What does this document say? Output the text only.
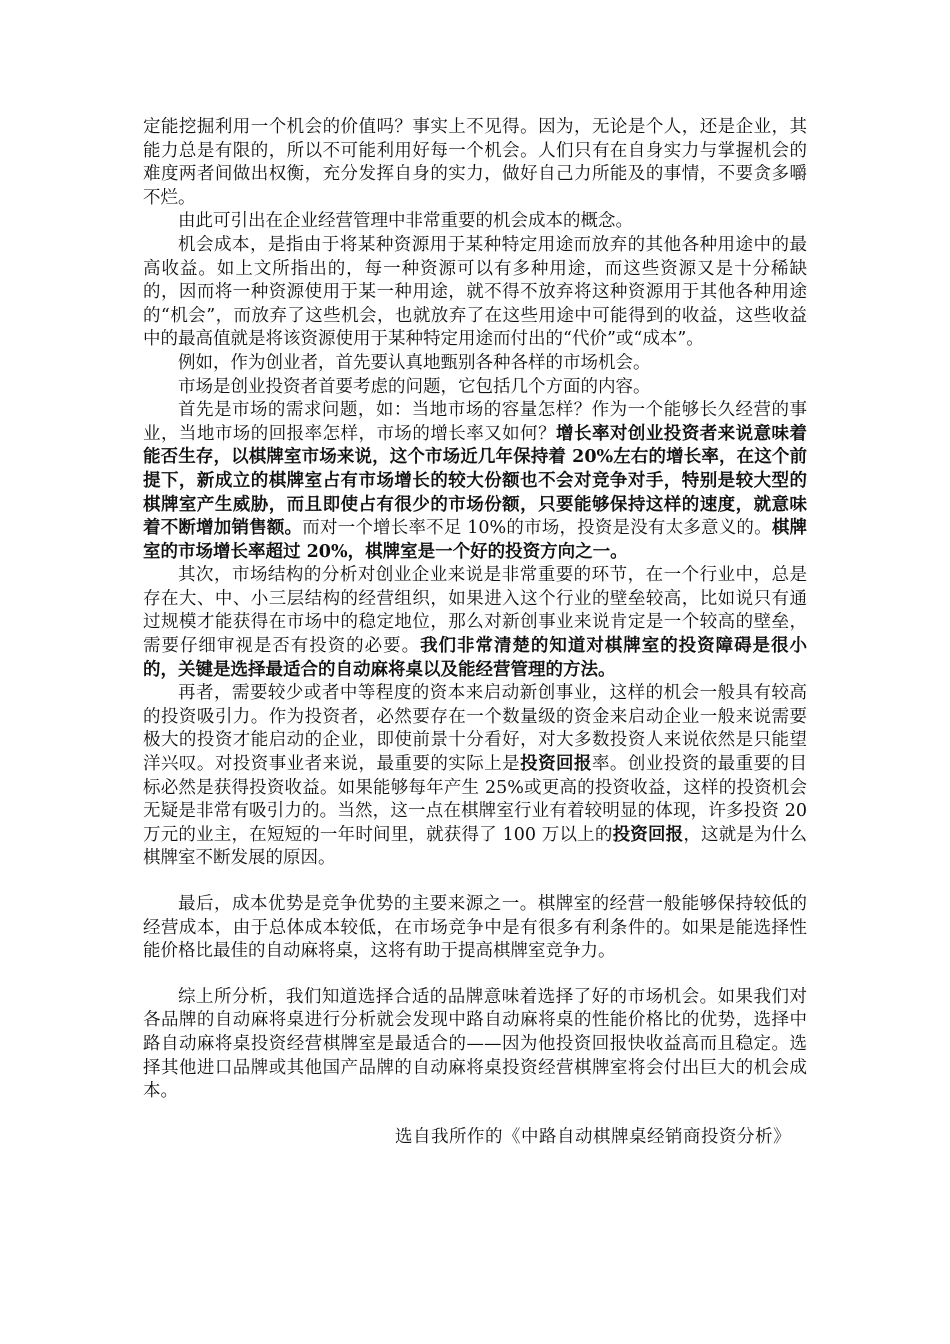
定能挖掘利用一个机会的价值吗？事实上不见得。因为，无论是个人，还是企业，其能力总是有限的，所以不可能利用好每一个机会。人们只有在自身实力与掌握机会的难度两者间做出权衡，充分发挥自身的实力，做好自己力所能及的事情，不要贪多嚼不烂。

由此可引出在企业经营管理中非常重要的机会成本的概念。

机会成本，是指由于将某种资源用于某种特定用途而放弃的其他各种用途中的最高收益。如上文所指出的，每一种资源可以有多种用途，而这些资源又是十分稀缺的，因而将一种资源使用于某一种用途，就不得不放弃将这种资源用于其他各种用途的“机会”，而放弃了这些机会，也就放弃了在这些用途中可能得到的收益，这些收益中的最高值就是将该资源使用于某种特定用途而付出的“代价”或“成本”。

例如，作为创业者，首先要认真地甄别各种各样的市场机会。

市场是创业投资者首要考虑的问题，它包括几个方面的内容。

首先是市场的需求问题，如：当地市场的容量怎样？作为一个能够长久经营的事业，当地市场的回报率怎样，市场的增长率又如何？增长率对创业投资者来说意味着能否生存，以棋牌室市场来说，这个市场近几年保持着 20%左右的增长率，在这个前提下，新成立的棋牌室占有市场增长的较大份额也不会对竞争对手，特别是较大型的棋牌室产生威胁，而且即使占有很少的市场份额，只要能够保持这样的速度，就意味着不断增加销售额。而对一个增长率不足 10%的市场，投资是没有太多意义的。棋牌室的市场增长率超过 20%，棋牌室是一个好的投资方向之一。

其次，市场结构的分析对创业企业来说是非常重要的环节，在一个行业中，总是存在大、中、小三层结构的经营组织，如果进入这个行业的壁垒较高，比如说只有通过规模才能获得在市场中的稳定地位，那么对新创事业来说肯定是一个较高的壁垒，需要仔细审视是否有投资的必要。我们非常清楚的知道对棋牌室的投资障碍是很小的，关键是选择最适合的自动麻将桌以及能经营管理的方法。

再者，需要较少或者中等程度的资本来启动新创事业，这样的机会一般具有较高的投资吸引力。作为投资者，必然要存在一个数量级的资金来启动企业一般来说需要极大的投资才能启动的企业，即使前景十分看好，对大多数投资人来说依然是只能望洋兴叹。对投资事业者来说，最重要的实际上是投资回报率。创业投资的最重要的目标必然是获得投资收益。如果能够每年产生 25%或更高的投资收益，这样的投资机会无疑是非常有吸引力的。当然，这一点在棋牌室行业有着较明显的体现，许多投资 20 万元的业主，在短短的一年时间里，就获得了 100 万以上的投资回报，这就是为什么棋牌室不断发展的原因。

最后，成本优势是竞争优势的主要来源之一。棋牌室的经营一般能够保持较低的经营成本，由于总体成本较低，在市场竞争中是有很多有利条件的。如果是能选择性能价格比最佳的自动麻将桌，这将有助于提高棋牌室竞争力。

综上所分析，我们知道选择合适的品牌意味着选择了好的市场机会。如果我们对各品牌的自动麻将桌进行分析就会发现中路自动麻将桌的性能价格比的优势，选择中路自动麻将桌投资经营棋牌室是最适合的——因为他投资回报快收益高而且稳定。选择其他进口品牌或其他国产品牌的自动麻将桌投资经营棋牌室将会付出巨大的机会成本。

选自我所作的《中路自动棋牌桌经销商投资分析》
